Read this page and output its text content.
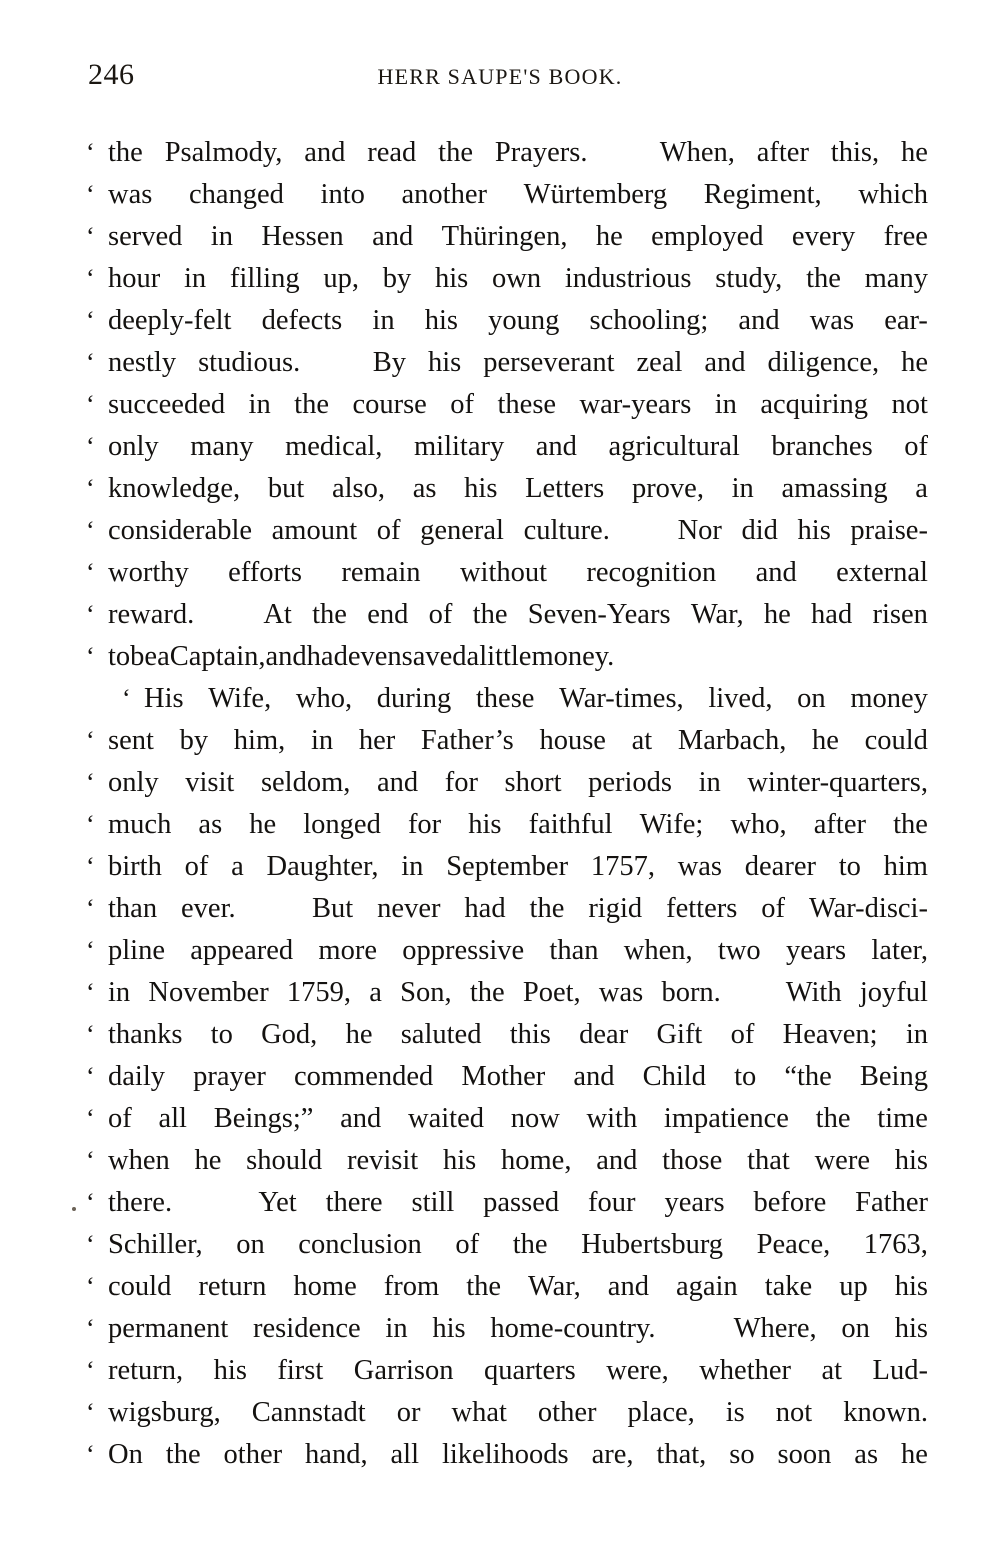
246	HERR SAUPE'S BOOK.
‘ the Psalmody, and read the Prayers.
  	When, after this, he
‘ was changed into another Würtemberg Regiment, which
‘ served in Hessen and Thüringen, he employed every free
‘ hour in filling up, by his own industrious study, the many
‘ deeply-felt defects in his young schooling; and was ear-
‘ nestly studious.
  	By his perseverant zeal and diligence, he
‘ succeeded in the course of these war-years in acquiring not
‘ only many medical, military and agricultural branches of
‘ knowledge, but also, as his Letters prove, in amassing a
‘ considerable amount of general culture.
   Nor did his praise-
‘ worthy efforts remain without recognition and external
‘ reward.
   At the end of the Seven-Years War, he had risen
‘ to be a Captain, and had even saved a little money.
‘ His Wife, who, during these War-times, lived, on money
‘ sent by him, in her Father’s house at Marbach, he could
‘ only visit seldom, and for short periods in winter-quarters,
‘ much as he longed for his faithful Wife; who, after the
‘ birth of a Daughter, in September 1757, was dearer to him
‘ than ever.
  	But never had the rigid fetters of War-disci-
‘ pline appeared more oppressive than when, two years later,
‘ in November 1759, a Son, the Poet, was born.
   With joyful
‘ thanks to God, he saluted this dear Gift of Heaven; in
‘ daily prayer commended Mother and Child to “the Being
‘ of all Beings;” and waited now with impatience the time
‘ when he should revisit his home, and those that were his
‘ there.
  	Yet there still passed four years before Father
‘ Schiller, on conclusion of the Hubertsburg Peace, 1763,
‘ could return home from the War, and again take up his
‘ permanent residence in his home-country.
  	Where, on his
‘ return, his first Garrison quarters were, whether at Lud-
‘ wigsburg, Cannstadt or what other place, is not known.
‘ On the other hand, all likelihoods are, that, so soon as he
